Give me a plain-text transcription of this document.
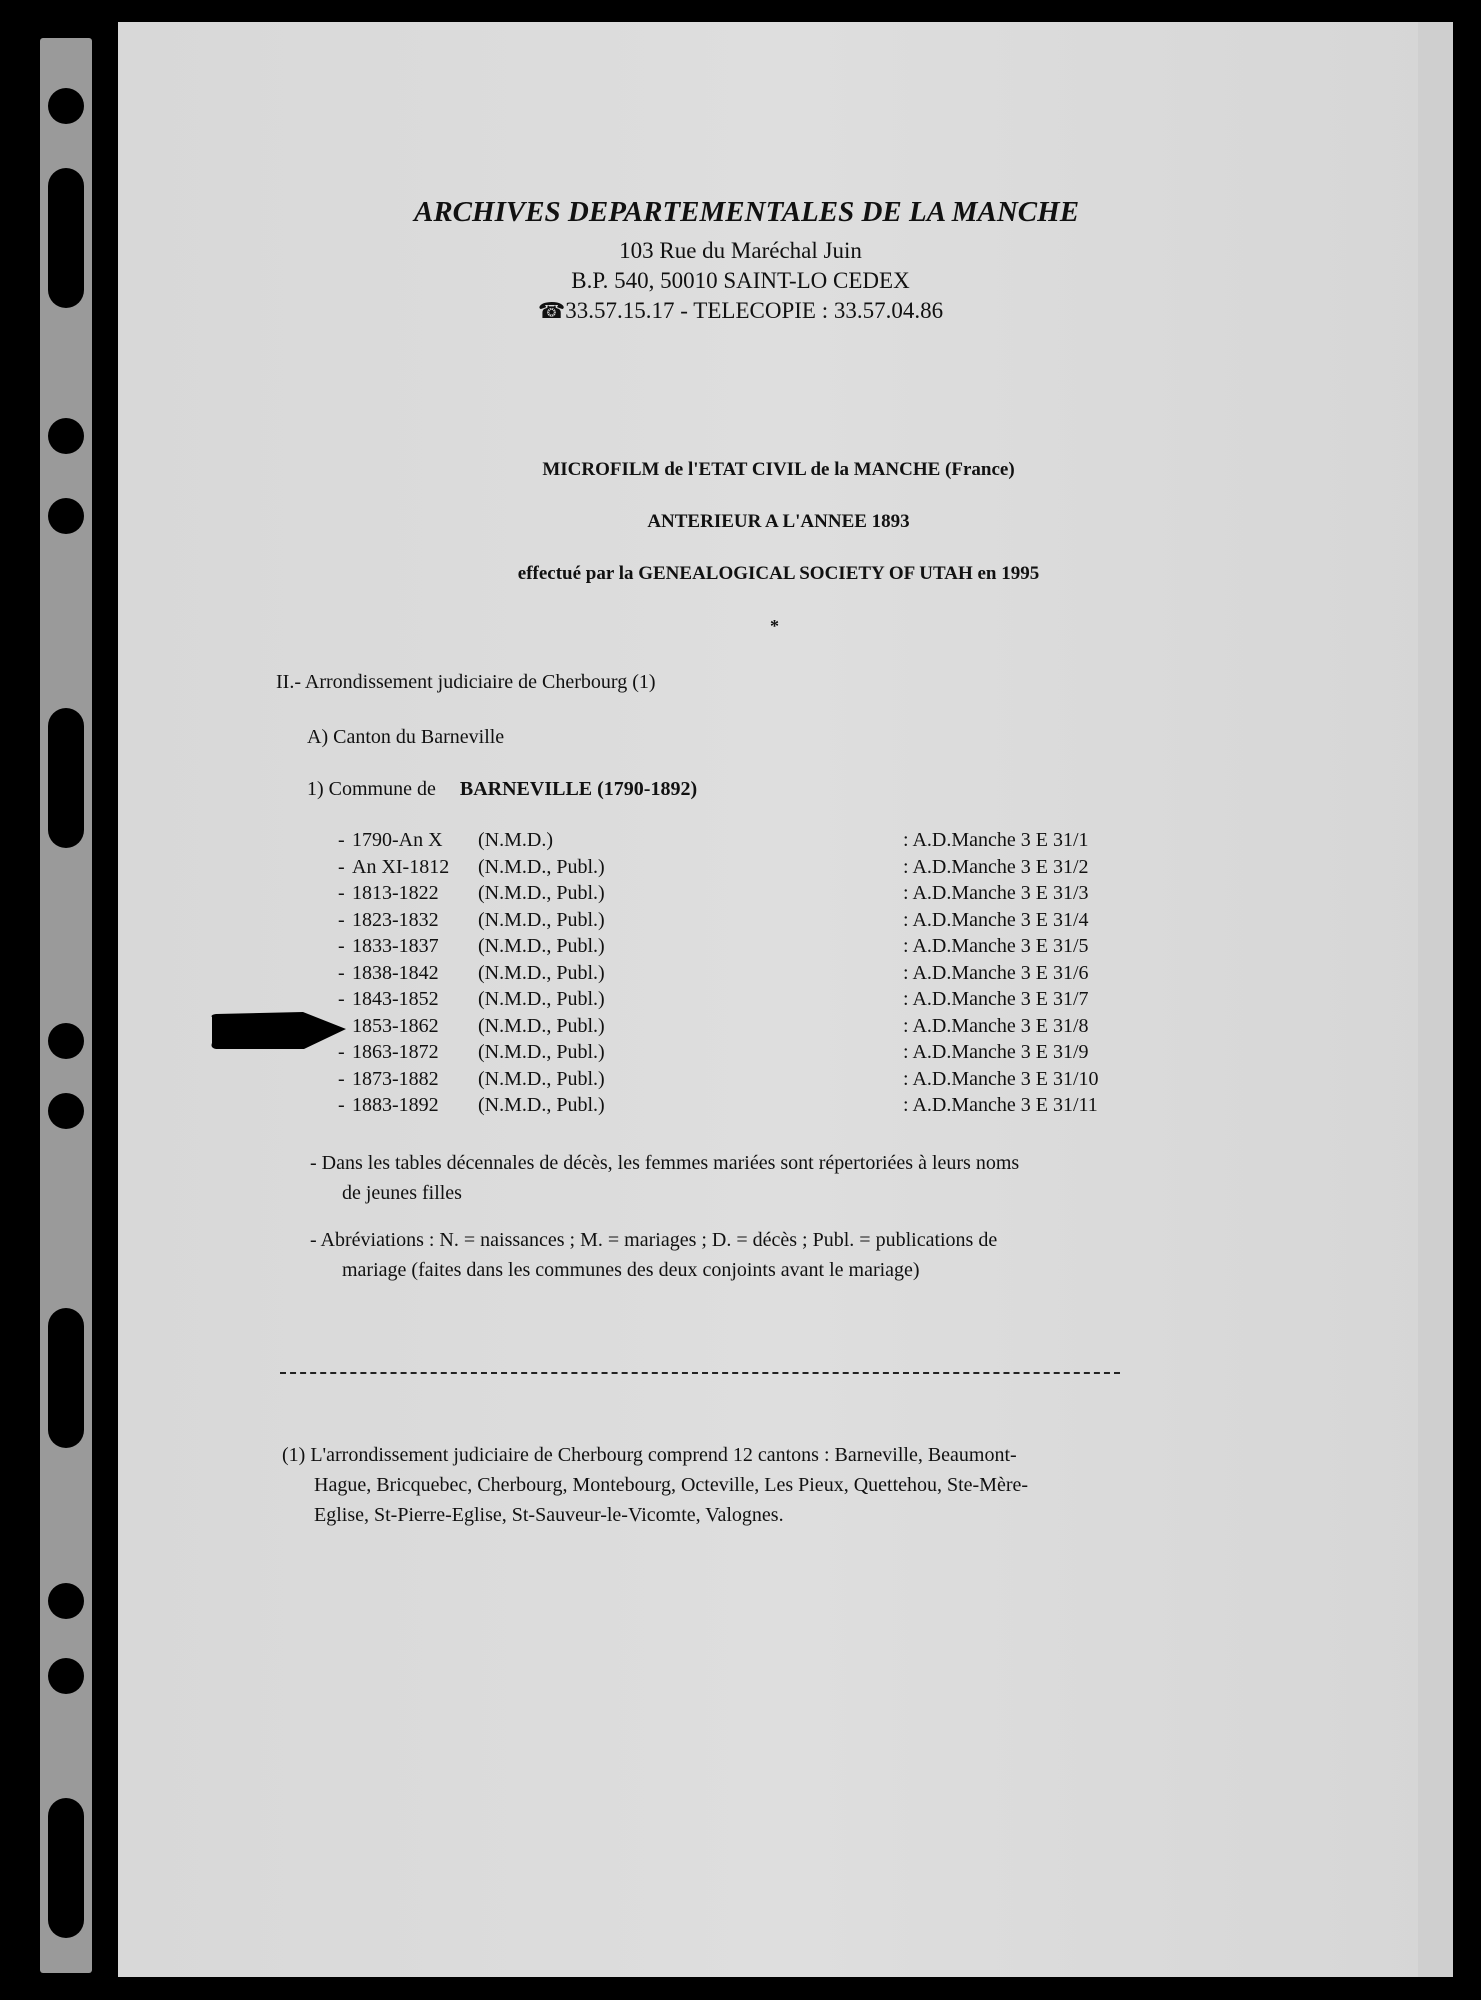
ARCHIVES DEPARTEMENTALES DE LA MANCHE
103 Rue du Maréchal Juin
B.P. 540, 50010 SAINT-LO CEDEX
☎33.57.15.17 - TELECOPIE : 33.57.04.86
MICROFILM de l'ETAT CIVIL de la MANCHE (France)
ANTERIEUR A L'ANNEE 1893
effectué par la GENEALOGICAL SOCIETY OF UTAH en 1995
*
II.- Arrondissement judiciaire de Cherbourg (1)
A) Canton du Barneville
1) Commune de BARNEVILLE (1790-1892)
- 1790-An X (N.M.D.)	: A.D.Manche 3 E 31/1
- An XI-1812 (N.M.D., Publ.)	: A.D.Manche 3 E 31/2
- 1813-1822 (N.M.D., Publ.)	: A.D.Manche 3 E 31/3
- 1823-1832 (N.M.D., Publ.)	: A.D.Manche 3 E 31/4
- 1833-1837 (N.M.D., Publ.)	: A.D.Manche 3 E 31/5
- 1838-1842 (N.M.D., Publ.)	: A.D.Manche 3 E 31/6
- 1843-1852 (N.M.D., Publ.)	: A.D.Manche 3 E 31/7
1853-1862 (N.M.D., Publ.)	: A.D.Manche 3 E 31/8
- 1863-1872 (N.M.D., Publ.)	: A.D.Manche 3 E 31/9
- 1873-1882 (N.M.D., Publ.)	: A.D.Manche 3 E 31/10
- 1883-1892 (N.M.D., Publ.)	: A.D.Manche 3 E 31/11
- Dans les tables décennales de décès, les femmes mariées sont répertoriées à leurs noms
de jeunes filles
- Abréviations : N. = naissances ; M. = mariages ; D. = décès ; Publ. = publications de
mariage (faites dans les communes des deux conjoints avant le mariage)
(1) L'arrondissement judiciaire de Cherbourg comprend 12 cantons : Barneville, Beaumont-
Hague, Bricquebec, Cherbourg, Montebourg, Octeville, Les Pieux, Quettehou, Ste-Mère-
Eglise, St-Pierre-Eglise, St-Sauveur-le-Vicomte, Valognes.
